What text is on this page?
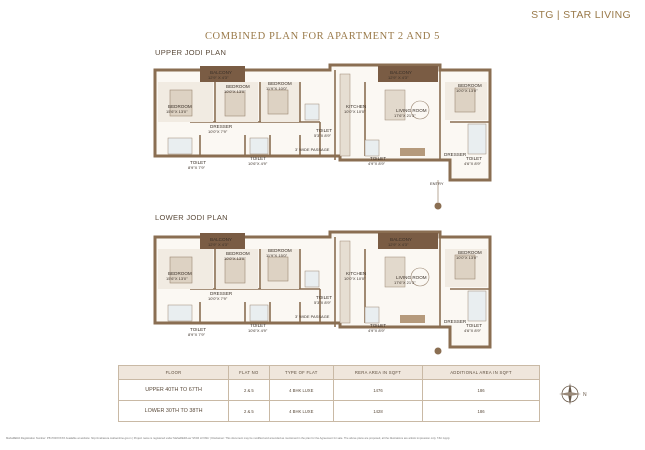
STG | STAR LIVING
COMBINED PLAN FOR APARTMENT 2 AND 5
UPPER JODI PLAN
LOWER JODI PLAN
BALCONY
12'9" X 4'3"
BEDROOM
15'6"X 13'0"
BEDROOM
10'0"X 13'0"
BEDROOM
11'9"X 10'0"
DRESSER
10'0"X 7'9"
TOILET
8'9"X 7'9"
TOILET
10'6"X 4'9"
TOILET
5'3"X 8'9"
3' WIDE PASSAGE
KITCHEN
10'0"X 10'0"
BALCONY
12'9" X 4'3"
LIVING ROOM
17'6"X 21'3"
BEDROOM
10'0"X 13'0"
TOILET
4'9"X 8'9"
DRESSER
TOILET
4'6"X 8'9"
ENTRY
BALCONY
12'9" X 4'3"
BEDROOM
15'6"X 13'0"
BEDROOM
10'0"X 13'0"
BEDROOM
11'9"X 15'0"
DRESSER
10'0"X 7'9"
TOILET
8'9"X 7'9"
TOILET
10'6"X 4'9"
TOILET
5'3"X 8'9"
3' WIDE PASSAGE
KITCHEN
10'0"X 10'0"
BALCONY
12'9" X 4'3"
LIVING ROOM
17'6"X 21'3"
BEDROOM
10'0"X 13'0"
TOILET
4'9"X 8'9"
DRESSER
TOILET
4'6"X 8'9"
FLOOR	FLAT NO	TYPE OF FLAT	RERA AREA IN SQFT	ADDITIONAL AREA IN SQFT
UPPER 40TH TO 67TH	2 & 5	4 BHK LUXE	1476	186
LOWER 30TH TO 38TH	2 & 5	4 BHK LUXE	1428	186
N
MahaRERA Registration Number: P51700XXXXX Available at website: http://maharera.mahaonline.gov.in | Project name is registered under MahaRERA as 'STAR LIVING' | Disclaimer: This document may be modified and amended as mentioned in the plan for the Agreement for sale. The above plans are proposed, all the illustrations are artistic impression only. T&C Apply.
